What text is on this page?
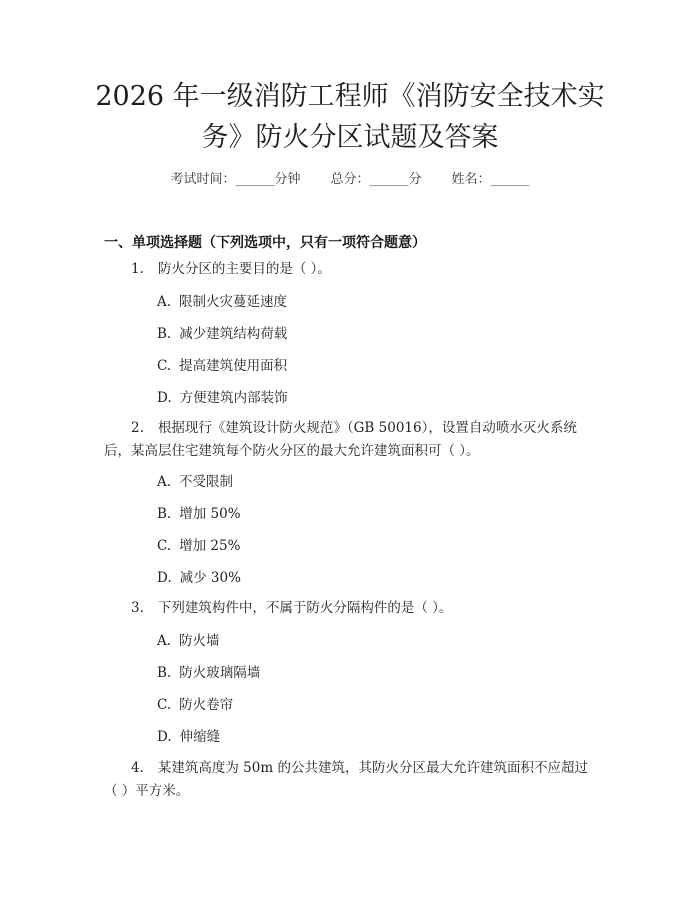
2026 年一级消防工程师《消防安全技术实
务》防火分区试题及答案
考试时间：______分钟 总分：______分 姓名：______
一、单项选择题（下列选项中，只有一项符合题意）
1. 防火分区的主要目的是（ ）。
A. 限制火灾蔓延速度
B. 减少建筑结构荷载
C. 提高建筑使用面积
D. 方便建筑内部装饰
2. 根据现行《建筑设计防火规范》（GB 50016），设置自动喷水灭火系统后，某高层住宅建筑每个防火分区的最大允许建筑面积可（ ）。
A. 不受限制
B. 增加 50%
C. 增加 25%
D. 减少 30%
3. 下列建筑构件中，不属于防火分隔构件的是（ ）。
A. 防火墙
B. 防火玻璃隔墙
C. 防火卷帘
D. 伸缩缝
4. 某建筑高度为 50m 的公共建筑，其防火分区最大允许建筑面积不应超过（ ）平方米。
